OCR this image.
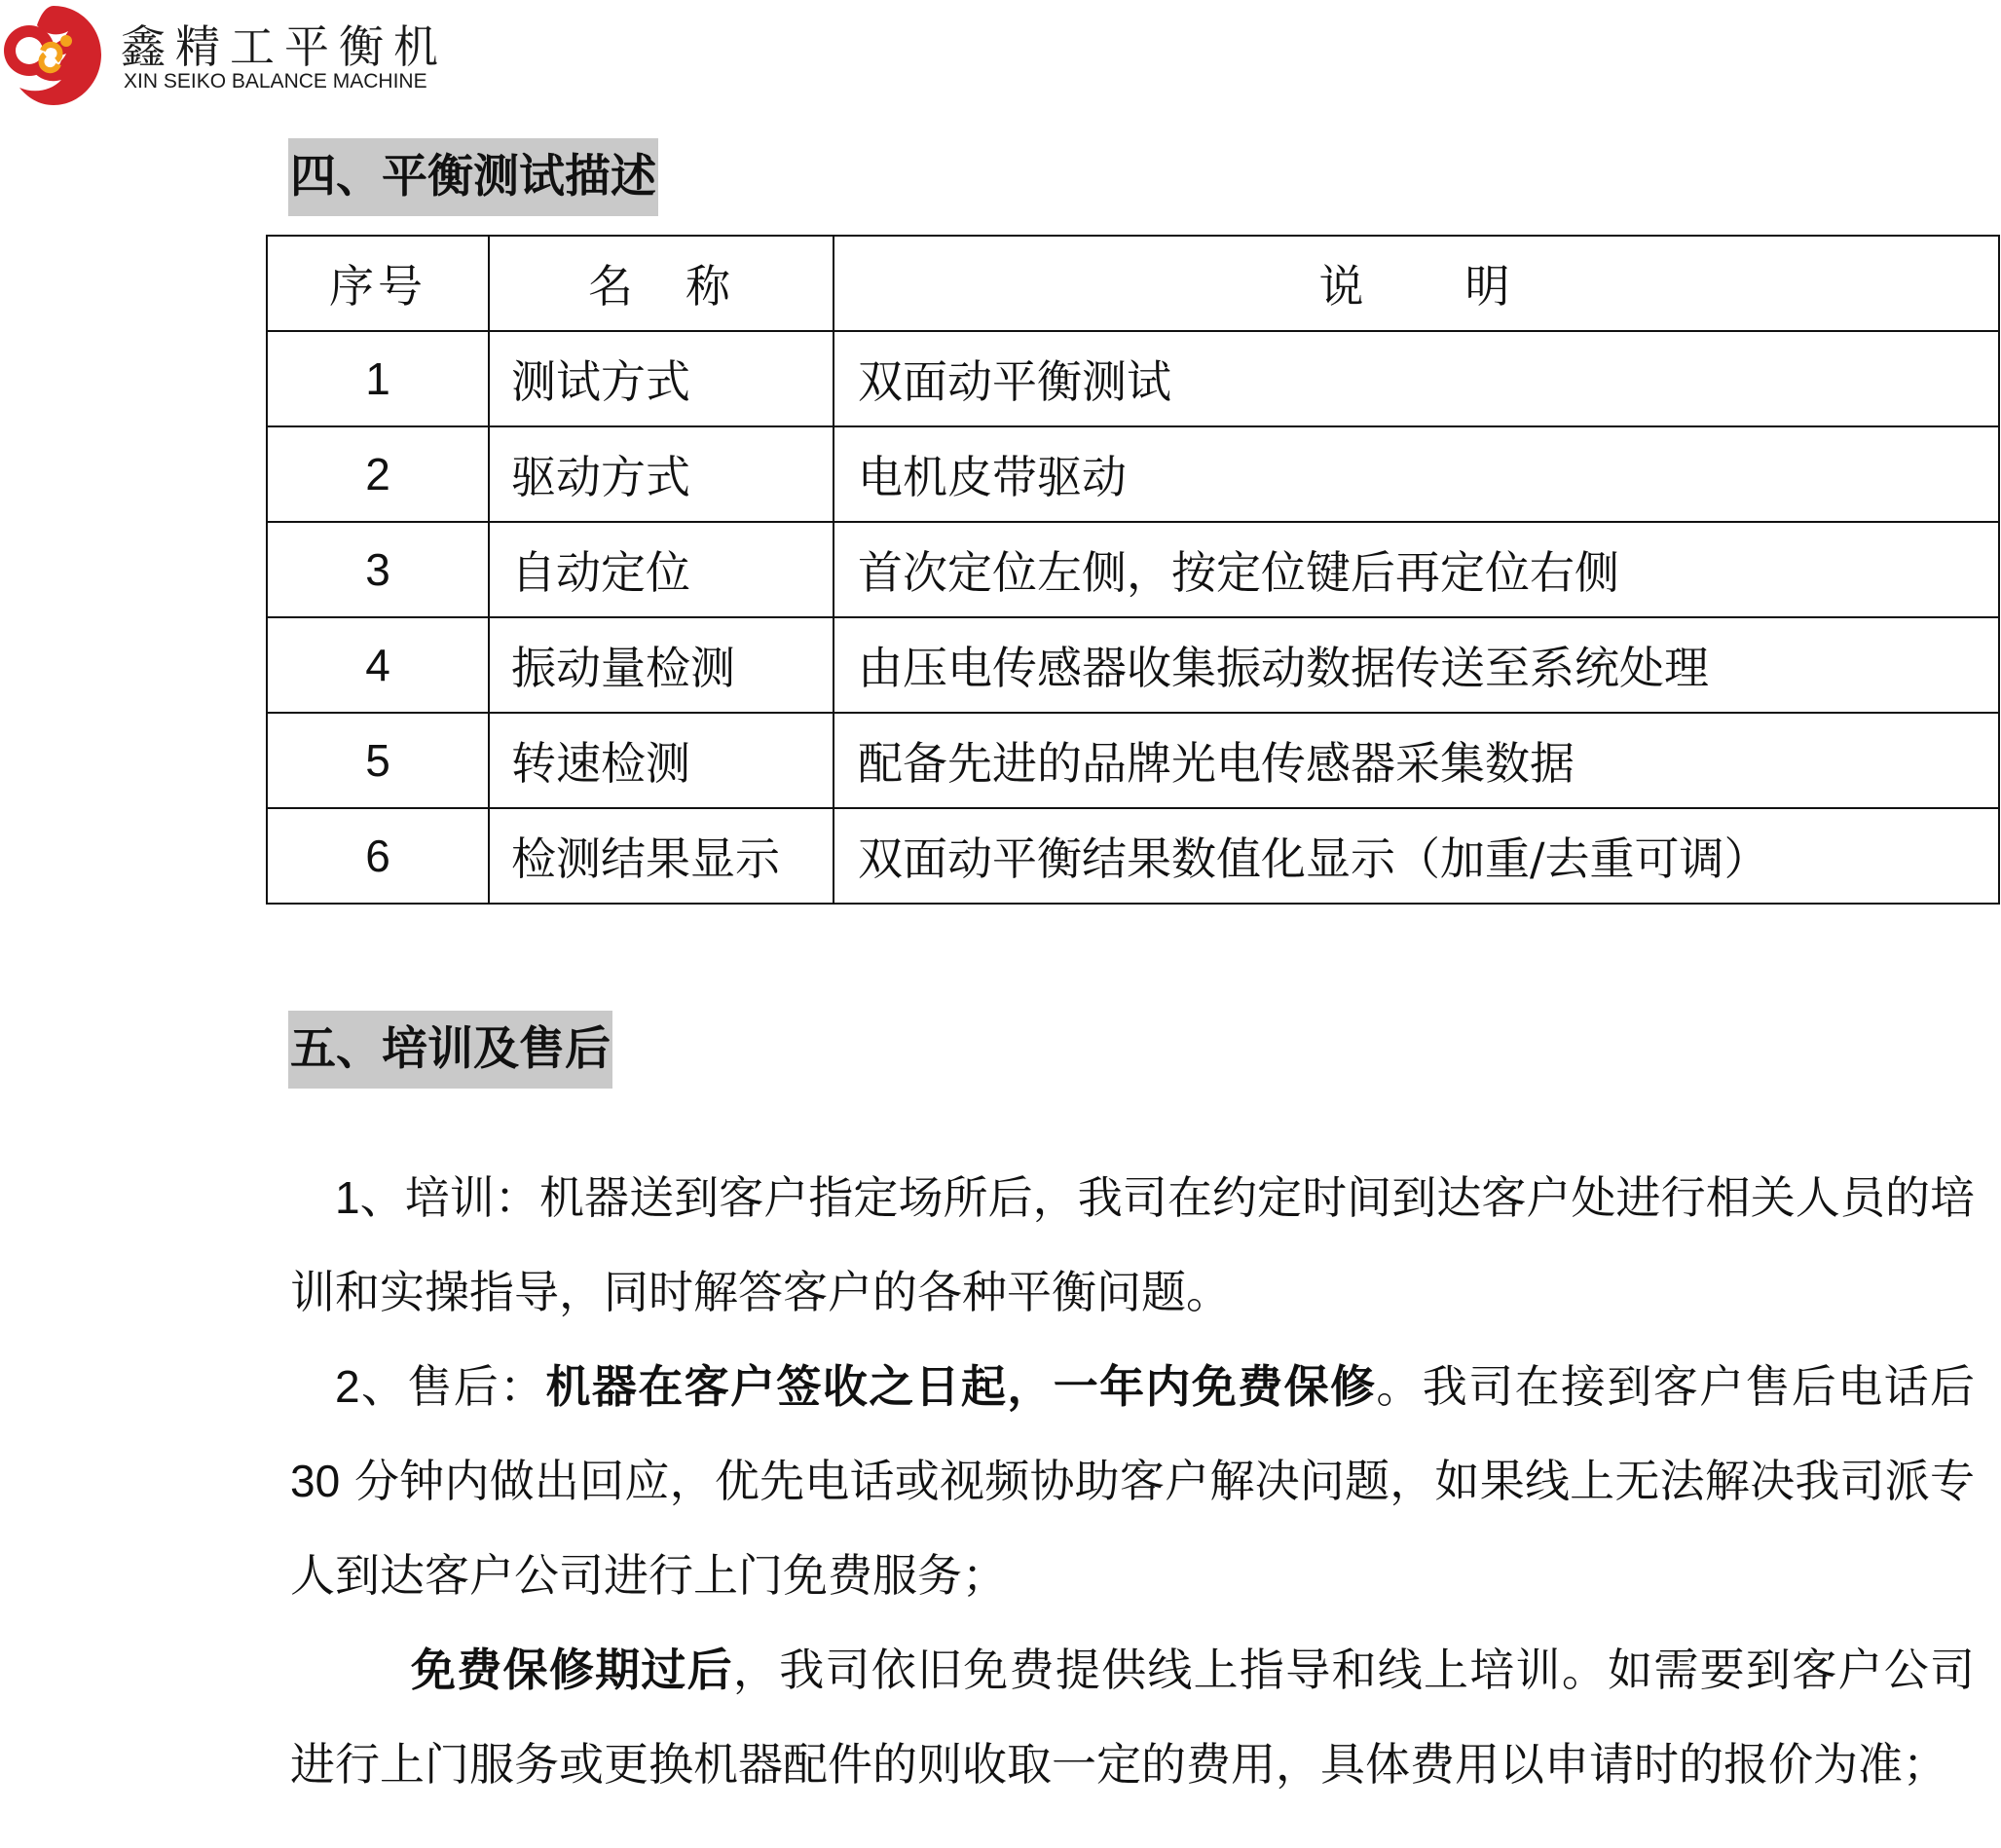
鑫精工平衡机
XIN SEIKO BALANCE MACHINE
四、平衡测试描述
序号	名 称	说 明
1	测试方式	双面动平衡测试
2	驱动方式	电机皮带驱动
3	自动定位	首次定位左侧，按定位键后再定位右侧
4	振动量检测	由压电传感器收集振动数据传送至系统处理
5	转速检测	配备先进的品牌光电传感器采集数据
6	检测结果显示	双面动平衡结果数值化显示（加重/去重可调）
五、培训及售后

1、培训：机器送到客户指定场所后，我司在约定时间到达客户处进行相关人员的培训和实操指导，同时解答客户的各种平衡问题。

2、售后：机器在客户签收之日起，一年内免费保修。我司在接到客户售后电话后 30 分钟内做出回应，优先电话或视频协助客户解决问题，如果线上无法解决我司派专人到达客户公司进行上门免费服务；

免费保修期过后，我司依旧免费提供线上指导和线上培训。如需要到客户公司进行上门服务或更换机器配件的则收取一定的费用，具体费用以申请时的报价为准；
